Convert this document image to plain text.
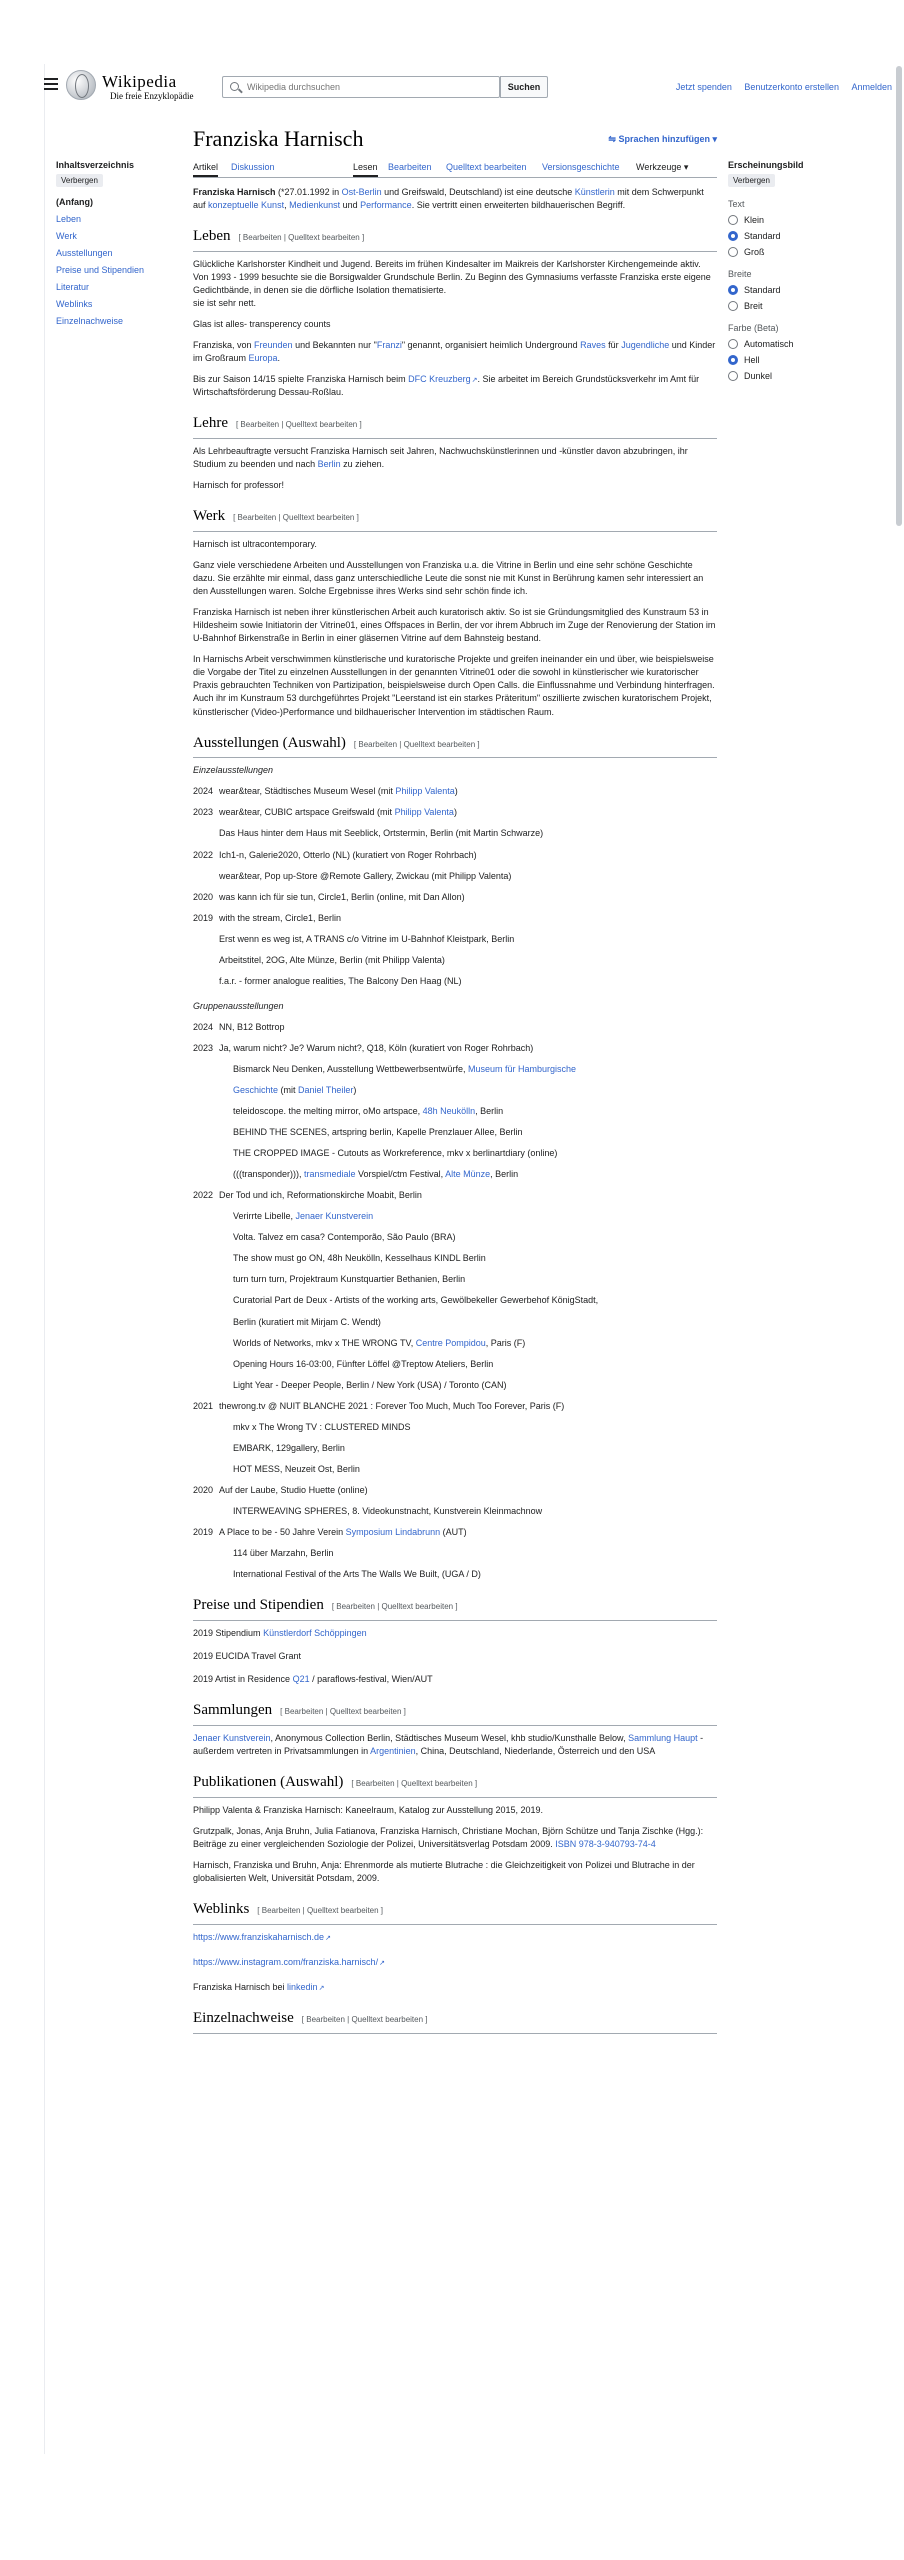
Wikipedia
Die freie Enzyklopädie
Wikipedia durchsuchen
Suchen	Jetzt spenden Benutzerkonto erstellen Anmelden
Inhaltsverzeichnis
Verbergen
(Anfang)
Leben
Werk
Ausstellungen
Preise und Stipendien
Literatur
Weblinks
Einzelnachweise
Franziska Harnisch	⇋ Sprachen hinzufügen ▾
Artikel Diskussion	Lesen Bearbeiten Quelltext bearbeiten Versionsgeschichte Werkzeuge ▾

Franziska Harnisch (*27.01.1992 in Ost-Berlin und Greifswald, Deutschland) ist eine deutsche Künstlerin mit dem Schwerpunkt auf konzeptuelle Kunst, Medienkunst und Performance. Sie vertritt einen erweiterten bildhauerischen Begriff.

Leben [ Bearbeiten | Quelltext bearbeiten ]

Glückliche Karlshorster Kindheit und Jugend. Bereits im frühen Kindesalter im Maikreis der Karlshorster Kirchengemeinde aktiv. Von 1993 - 1999 besuchte sie die Borsigwalder Grundschule Berlin. Zu Beginn des Gymnasiums verfasste Franziska erste eigene Gedichtbände, in denen sie die dörfliche Isolation thematisierte.
sie ist sehr nett.

Glas ist alles- transperency counts

Franziska, von Freunden und Bekannten nur "Franzi" genannt, organisiert heimlich Underground Raves für Jugendliche und Kinder im Großraum Europa.

Bis zur Saison 14/15 spielte Franziska Harnisch beim DFC Kreuzberg ↗ . Sie arbeitet im Bereich Grundstücksverkehr im Amt für Wirtschaftsförderung Dessau-Roßlau.

Lehre [ Bearbeiten | Quelltext bearbeiten ]

Als Lehrbeauftragte versucht Franziska Harnisch seit Jahren, Nachwuchskünstlerinnen und -künstler davon abzubringen, ihr Studium zu beenden und nach Berlin zu ziehen.

Harnisch for professor!

Werk [ Bearbeiten | Quelltext bearbeiten ]

Harnisch ist ultracontemporary.

Ganz viele verschiedene Arbeiten und Ausstellungen von Franziska u.a. die Vitrine in Berlin und eine sehr schöne Geschichte dazu. Sie erzählte mir einmal, dass ganz unterschiedliche Leute die sonst nie mit Kunst in Berührung kamen sehr interessiert an den Ausstellungen waren. Solche Ergebnisse ihres Werks sind sehr schön finde ich.

Franziska Harnisch ist neben ihrer künstlerischen Arbeit auch kuratorisch aktiv. So ist sie Gründungsmitglied des Kunstraum 53 in Hildesheim sowie Initiatorin der Vitrine01, eines Offspaces in Berlin, der vor ihrem Abbruch im Zuge der Renovierung der Station im U-Bahnhof Birkenstraße in Berlin in einer gläsernen Vitrine auf dem Bahnsteig bestand.

In Harnischs Arbeit verschwimmen künstlerische und kuratorische Projekte und greifen ineinander ein und über, wie beispielsweise die Vorgabe der Titel zu einzelnen Ausstellungen in der genannten Vitrine01 oder die sowohl in künstlerischer wie kuratorischer Praxis gebrauchten Techniken von Partizipation, beispielsweise durch Open Calls. die Einflussnahme und Verbindung hinterfragen. Auch ihr im Kunstraum 53 durchgeführtes Projekt "Leerstand ist ein starkes Präteritum" oszillierte zwischen kuratorischem Projekt, künstlerischer (Video-)Performance und bildhauerischer Intervention im städtischen Raum.

Ausstellungen (Auswahl) [ Bearbeiten | Quelltext bearbeiten ]
Einzelausstellungen
2024 wear&tear, Städtisches Museum Wesel (mit Philipp Valenta)
2023 wear&tear, CUBIC artspace Greifswald (mit Philipp Valenta)
Das Haus hinter dem Haus mit Seeblick, Ortstermin, Berlin (mit Martin Schwarze)
2022 Ich1-n, Galerie2020, Otterlo (NL) (kuratiert von Roger Rohrbach)
wear&tear, Pop up-Store @Remote Gallery, Zwickau (mit Philipp Valenta)
2020 was kann ich für sie tun, Circle1, Berlin (online, mit Dan Allon)
2019 with the stream, Circle1, Berlin
Erst wenn es weg ist, A TRANS c/o Vitrine im U-Bahnhof Kleistpark, Berlin
Arbeitstitel, 2OG, Alte Münze, Berlin (mit Philipp Valenta)
f.a.r. - former analogue realities, The Balcony Den Haag (NL)
Gruppenausstellungen
2024 NN, B12 Bottrop
2023 Ja, warum nicht? Je? Warum nicht?, Q18, Köln (kuratiert von Roger Rohrbach)
Bismarck Neu Denken, Ausstellung Wettbewerbsentwürfe, Museum für Hamburgische
Geschichte (mit Daniel Theiler)
teleidoscope. the melting mirror, oMo artspace, 48h Neukölln, Berlin
BEHIND THE SCENES, artspring berlin, Kapelle Prenzlauer Allee, Berlin
THE CROPPED IMAGE - Cutouts as Workreference, mkv x berlinartdiary (online)
(((transponder))), transmediale Vorspiel/ctm Festival, Alte Münze, Berlin
2022 Der Tod und ich, Reformationskirche Moabit, Berlin
Verirrte Libelle, Jenaer Kunstverein
Volta. Talvez em casa? Contemporão, São Paulo (BRA)
The show must go ON, 48h Neukölln, Kesselhaus KINDL Berlin
turn turn turn, Projektraum Kunstquartier Bethanien, Berlin
Curatorial Part de Deux - Artists of the working arts, Gewölbekeller Gewerbehof KönigStadt,
Berlin (kuratiert mit Mirjam C. Wendt)
Worlds of Networks, mkv x THE WRONG TV, Centre Pompidou, Paris (F)
Opening Hours 16-03:00, Fünfter Löffel @Treptow Ateliers, Berlin
Light Year - Deeper People, Berlin / New York (USA) / Toronto (CAN)
2021 thewrong.tv @ NUIT BLANCHE 2021 : Forever Too Much, Much Too Forever, Paris (F)
mkv x The Wrong TV : CLUSTERED MINDS
EMBARK, 129gallery, Berlin
HOT MESS, Neuzeit Ost, Berlin
2020 Auf der Laube, Studio Huette (online)
INTERWEAVING SPHERES, 8. Videokunstnacht, Kunstverein Kleinmachnow
2019 A Place to be - 50 Jahre Verein Symposium Lindabrunn (AUT)
114 über Marzahn, Berlin
International Festival of the Arts The Walls We Built, (UGA / D)
Preise und Stipendien [ Bearbeiten | Quelltext bearbeiten ]

2019 Stipendium Künstlerdorf Schöppingen

2019 EUCIDA Travel Grant

2019 Artist in Residence Q21 / paraflows-festival, Wien/AUT

Sammlungen [ Bearbeiten | Quelltext bearbeiten ]

Jenaer Kunstverein, Anonymous Collection Berlin, Städtisches Museum Wesel, khb studio/Kunsthalle Below, Sammlung Haupt - außerdem vertreten in Privatsammlungen in Argentinien, China, Deutschland, Niederlande, Österreich und den USA

Publikationen (Auswahl) [ Bearbeiten | Quelltext bearbeiten ]

Philipp Valenta & Franziska Harnisch: Kaneelraum, Katalog zur Ausstellung 2015, 2019.

Grutzpalk, Jonas, Anja Bruhn, Julia Fatianova, Franziska Harnisch, Christiane Mochan, Björn Schütze und Tanja Zischke (Hgg.): Beiträge zu einer vergleichenden Soziologie der Polizei, Universitätsverlag Potsdam 2009. ISBN 978-3-940793-74-4

Harnisch, Franziska und Bruhn, Anja: Ehrenmorde als mutierte Blutrache : die Gleichzeitigkeit von Polizei und Blutrache in der globalisierten Welt, Universität Potsdam, 2009.

Weblinks [ Bearbeiten | Quelltext bearbeiten ]

https://www.franziskaharnisch.de ↗

https://www.instagram.com/franziska.harnisch/ ↗

Franziska Harnisch bei linkedin ↗

Einzelnachweise [ Bearbeiten | Quelltext bearbeiten ]
Erscheinungsbild
Verbergen
Text
Klein
Standard
Groß
Breite
Standard
Breit
Farbe (Beta)
Automatisch
Hell
Dunkel
